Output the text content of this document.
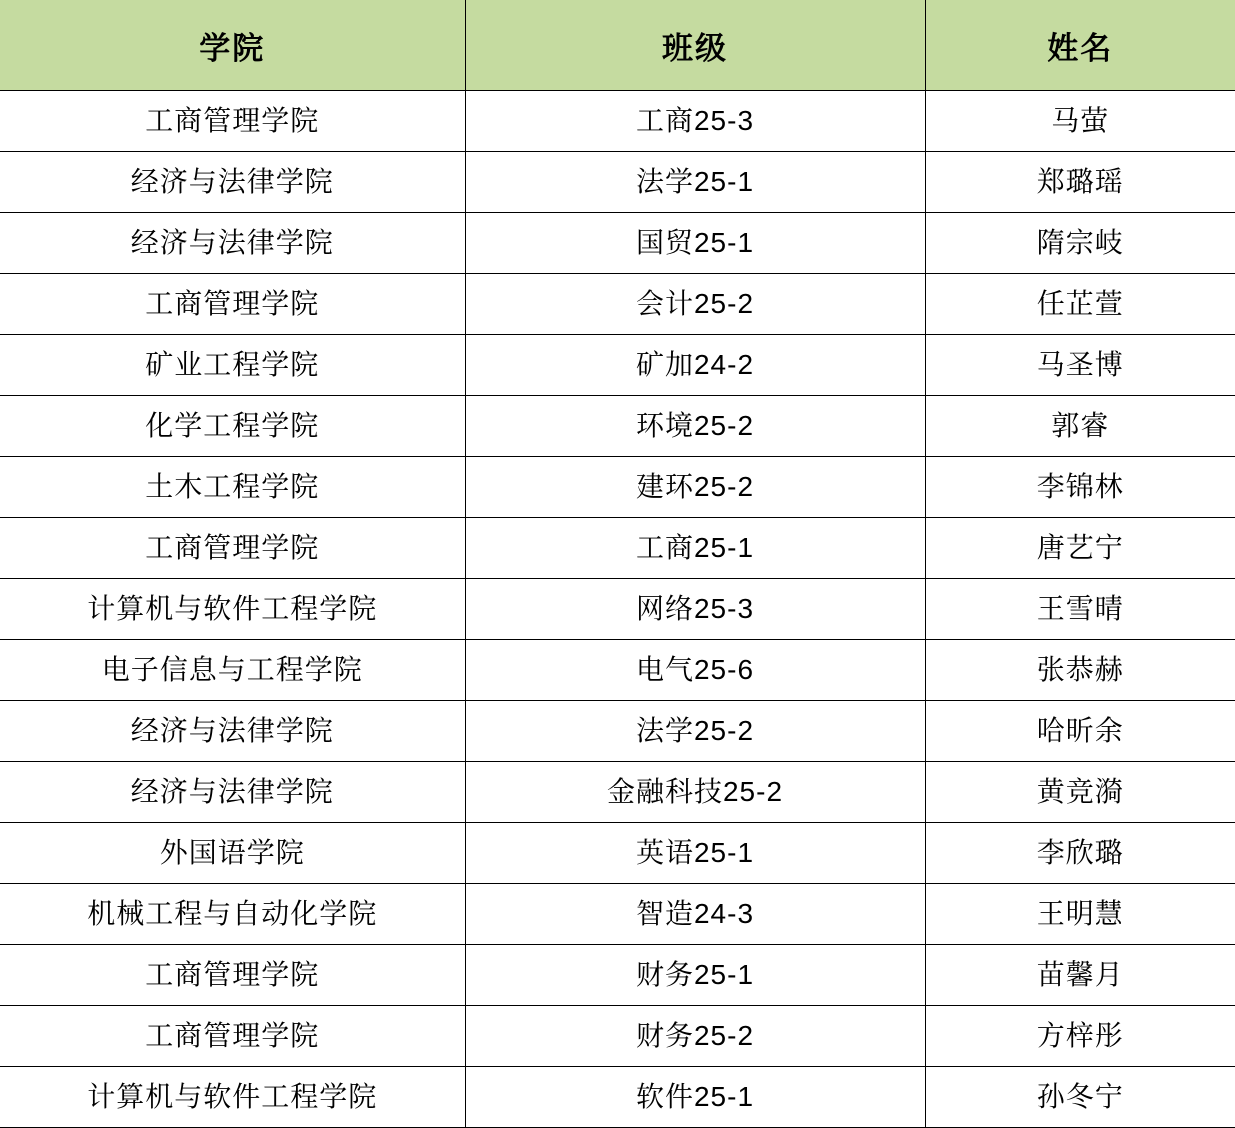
学院	班级	姓名
工商管理学院	工商25-3	马萤
经济与法律学院	法学25-1	郑璐瑶
经济与法律学院	国贸25-1	隋宗岐
工商管理学院	会计25-2	任芷萱
矿业工程学院	矿加24-2	马圣博
化学工程学院	环境25-2	郭睿
土木工程学院	建环25-2	李锦林
工商管理学院	工商25-1	唐艺宁
计算机与软件工程学院	网络25-3	王雪晴
电子信息与工程学院	电气25-6	张恭赫
经济与法律学院	法学25-2	哈昕余
经济与法律学院	金融科技25-2	黄竞漪
外国语学院	英语25-1	李欣璐
机械工程与自动化学院	智造24-3	王明慧
工商管理学院	财务25-1	苗馨月
工商管理学院	财务25-2	方梓彤
计算机与软件工程学院	软件25-1	孙冬宁
